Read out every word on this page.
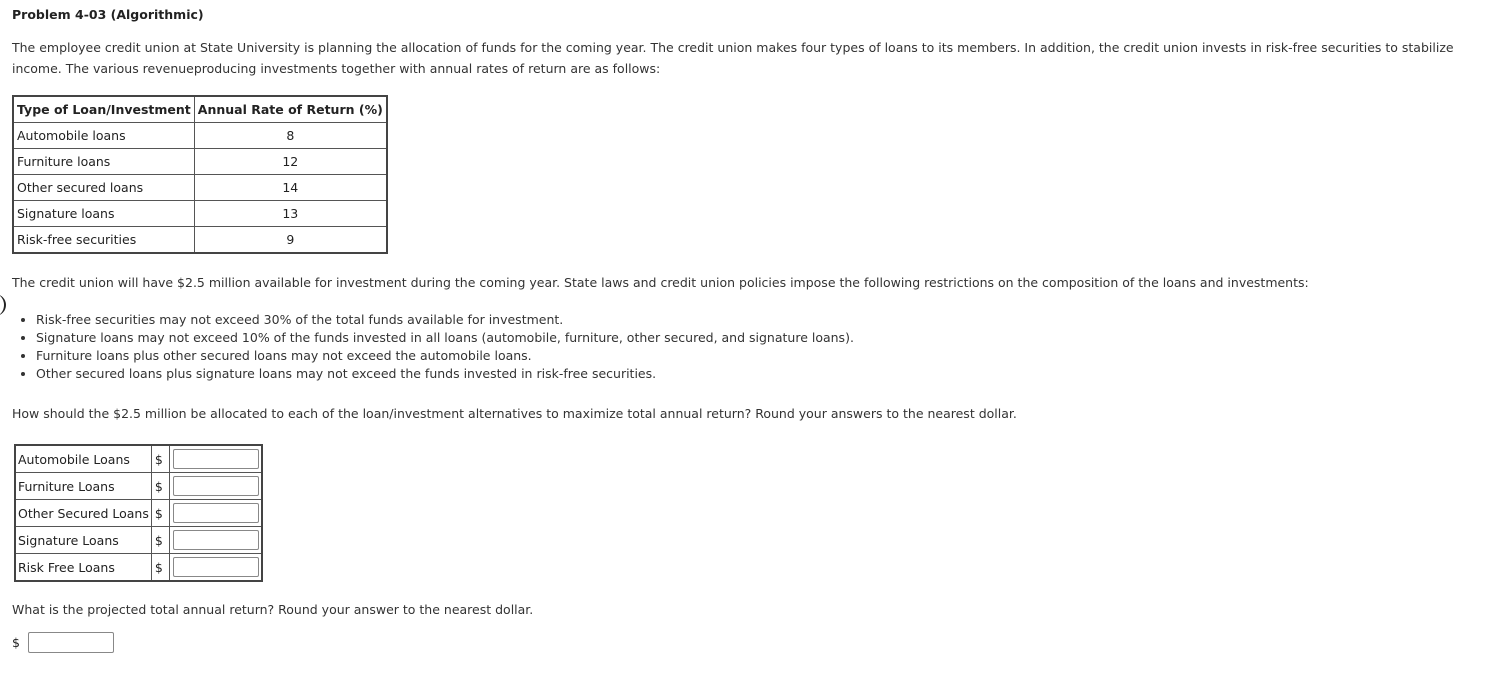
Problem 4-03 (Algorithmic)
The employee credit union at State University is planning the allocation of funds for the coming year. The credit union makes four types of loans to its members. In addition, the credit union invests in risk-free securities to stabilize income. The various revenueproducing investments together with annual rates of return are as follows:
Type of Loan/Investment	Annual Rate of Return (%)
Automobile loans	8
Furniture loans	12
Other secured loans	14
Signature loans	13
Risk-free securities	9
The credit union will have $2.5 million available for investment during the coming year. State laws and credit union policies impose the following restrictions on the composition of the loans and investments:
• Risk-free securities may not exceed 30% of the total funds available for investment.
• Signature loans may not exceed 10% of the funds invested in all loans (automobile, furniture, other secured, and signature loans).
• Furniture loans plus other secured loans may not exceed the automobile loans.
• Other secured loans plus signature loans may not exceed the funds invested in risk-free securities.
How should the $2.5 million be allocated to each of the loan/investment alternatives to maximize total annual return? Round your answers to the nearest dollar.
Automobile Loans	$	

Furniture Loans	$	

Other Secured Loans	$	

Signature Loans	$	

Risk Free Loans	$	
What is the projected total annual return? Round your answer to the nearest dollar.
$
